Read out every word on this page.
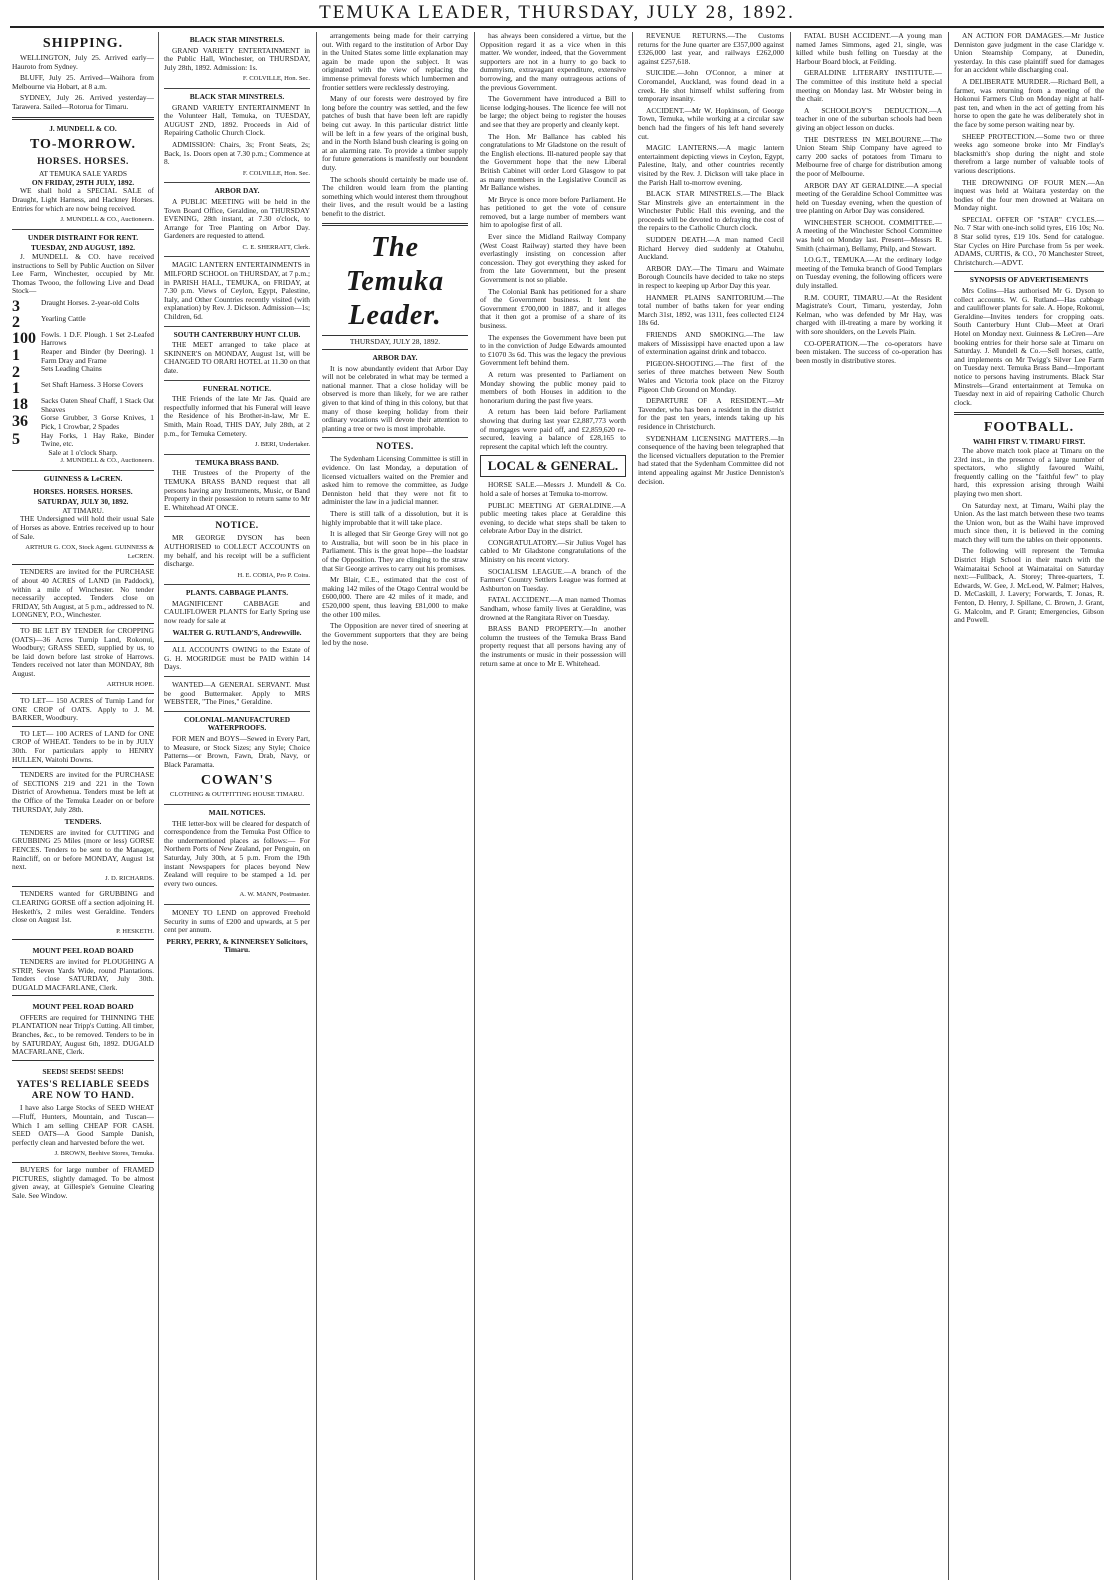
TEMUKA LEADER, THURSDAY, JULY 28, 1892.
SHIPPING.

WELLINGTON, July 25. Arrived early—Hauroto from Sydney.

BLUFF, July 25. Arrived—Waihora from Melbourne via Hobart, at 8 a.m.

SYDNEY, July 26. Arrived yesterday—Tarawera. Sailed—Rotorua for Timaru.

J. MUNDELL & CO.
TO-MORROW.
HORSES. HORSES.
AT TEMUKA SALE YARDS
ON FRIDAY, 29TH JULY, 1892.

WE shall hold a SPECIAL SALE of Draught, Light Harness, and Hackney Horses. Entries for which are now being received.

J. MUNDELL & CO., Auctioneers.
UNDER DISTRAINT FOR RENT.
TUESDAY, 2ND AUGUST, 1892.

J. MUNDELL & CO. have received instructions to Sell by Public Auction on Silver Lee Farm, Winchester, occupied by Mr. Thomas Twooo, the following Live and Dead Stock—

3	Draught Horses. 2-year-old Colts
2	Yearling Cattle
100 Fowls. 1 D.F. Plough. 1 Set 2-Leafed Harrows
1	Reaper and Binder (by Deering). 1 Farm Dray and Frame
2	Sets Leading Chains
1	Set Shaft Harness. 3 Horse Covers
18	Sacks Oaten Sheaf Chaff, 1 Stack Oat Sheaves
36	Gorse Grubber, 3 Gorse Knives, 1 Pick, 1 Crowbar, 2 Spades
5	Hay Forks, 1 Hay Rake, Binder Twine, etc.
Sale at 1 o'clock Sharp.
J. MUNDELL & CO., Auctioneers.
GUINNESS & LeCREN.
HORSES. HORSES. HORSES.
SATURDAY, JULY 30, 1892.
AT TIMARU.

THE Undersigned will hold their usual Sale of Horses as above. Entries received up to hour of Sale.

ARTHUR G. COX, Stock Agent. GUINNESS & LeCREN.

TENDERS are invited for the PURCHASE of about 40 ACRES of LAND (in Paddock), within a mile of Winchester. No tender necessarily accepted. Tenders close on FRIDAY, 5th August, at 5 p.m., addressed to N. LONGNEY, P.O., Winchester.

TO BE LET BY TENDER for CROPPING (OATS)—36 Acres Turnip Land, Rokonui, Woodbury; GRASS SEED, supplied by us, to be laid down before last stroke of Harrows. Tenders received not later than MONDAY, 8th August.

ARTHUR HOPE.

TO LET— 150 ACRES of Turnip Land for ONE CROP of OATS. Apply to J. M. BARKER, Woodbury.

TO LET— 100 ACRES of LAND for ONE CROP of WHEAT. Tenders to be in by JULY 30th. For particulars apply to HENRY HULLEN, Waitohi Downs.

TENDERS are invited for the PURCHASE of SECTIONS 219 and 221 in the Town District of Arowhenua. Tenders must be left at the Office of the Temuka Leader on or before THURSDAY, July 28th.

TENDERS.

TENDERS are invited for CUTTING and GRUBBING 25 Miles (more or less) GORSE FENCES. Tenders to be sent to the Manager, Raincliff, on or before MONDAY, August 1st next.

J. D. RICHARDS.

TENDERS wanted for GRUBBING and CLEARING GORSE off a section adjoining H. Hesketh's, 2 miles west Geraldine. Tenders close on August 1st.

P. HESKETH.
MOUNT PEEL ROAD BOARD

TENDERS are invited for PLOUGHING A STRIP, Seven Yards Wide, round Plantations. Tenders close SATURDAY, July 30th. DUGALD MACFARLANE, Clerk.

MOUNT PEEL ROAD BOARD

OFFERS are required for THINNING THE PLANTATION near Tripp's Cutting. All timber, Branches, &c., to be removed. Tenders to be in by SATURDAY, August 6th, 1892. DUGALD MACFARLANE, Clerk.

SEEDS! SEEDS! SEEDS!
YATES'S RELIABLE SEEDS ARE NOW TO HAND.

I have also Large Stocks of SEED WHEAT—Fluff, Hunters, Mountain, and Tuscan—Which I am selling CHEAP FOR CASH. SEED OATS—A Good Sample Danish, perfectly clean and harvested before the wet.

J. BROWN, Beehive Stores, Temuka.

BUYERS for large number of FRAMED PICTURES, slightly damaged. To be almost given away, at Gillespie's Genuine Clearing Sale. See Window.

BLACK STAR MINSTRELS.

GRAND VARIETY ENTERTAINMENT in the Public Hall, Winchester, on THURSDAY, July 28th, 1892. Admission: 1s.

F. COLVILLE, Hon. Sec.
BLACK STAR MINSTRELS.

GRAND VARIETY ENTERTAINMENT In the Volunteer Hall, Temuka, on TUESDAY, AUGUST 2ND, 1892. Proceeds in Aid of Repairing Catholic Church Clock.

ADMISSION: Chairs, 3s; Front Seats, 2s; Back, 1s. Doors open at 7.30 p.m.; Commence at 8.

F. COLVILLE, Hon. Sec.
ARBOR DAY.

A PUBLIC MEETING will be held in the Town Board Office, Geraldine, on THURSDAY EVENING, 28th instant, at 7.30 o'clock, to Arrange for Tree Planting on Arbor Day. Gardeners are requested to attend.

C. E. SHERRATT, Clerk.

MAGIC LANTERN ENTERTAINMENTS in MILFORD SCHOOL on THURSDAY, at 7 p.m.; in PARISH HALL, TEMUKA, on FRIDAY, at 7.30 p.m. Views of Ceylon, Egypt, Palestine, Italy, and Other Countries recently visited (with explanation) by Rev. J. Dickson. Admission—1s; Children, 6d.

SOUTH CANTERBURY HUNT CLUB.

THE MEET arranged to take place at SKINNER'S on MONDAY, August 1st, will be CHANGED TO ORARI HOTEL at 11.30 on that date.

FUNERAL NOTICE.

THE Friends of the late Mr Jas. Quaid are respectfully informed that his Funeral will leave the Residence of his Brother-in-law, Mr E. Smith, Main Road, THIS DAY, July 28th, at 2 p.m., for Temuka Cemetery.

J. BERI, Undertaker.
TEMUKA BRASS BAND.

THE Trustees of the Property of the TEMUKA BRASS BAND request that all persons having any Instruments, Music, or Band Property in their possession to return same to Mr E. Whitehead AT ONCE.

NOTICE.

MR GEORGE DYSON has been AUTHORISED to COLLECT ACCOUNTS on my behalf, and his receipt will be a sufficient discharge.

H. E. COBIA, Pro P. Coira.
PLANTS. CABBAGE PLANTS.

MAGNIFICENT CABBAGE and CAULIFLOWER PLANTS for Early Spring use now ready for sale at

WALTER G. RUTLAND'S, Andrewville.

ALL ACCOUNTS OWING to the Estate of G. H. MOGRIDGE must be PAID within 14 Days.

WANTED—A GENERAL SERVANT. Must be good Buttermaker. Apply to MRS WEBSTER, "The Pines," Geraldine.

COLONIAL-MANUFACTURED WATERPROOFS.

FOR MEN and BOYS—Sewed in Every Part, to Measure, or Stock Sizes; any Style; Choice Patterns—or Brown, Fawn, Drab, Navy, or Black Paramatta.

COWAN'S
CLOTHING & OUTFITTING HOUSE TIMARU.
MAIL NOTICES.

THE letter-box will be cleared for despatch of correspondence from the Temuka Post Office to the undermentioned places as follows:— For Northern Ports of New Zealand, per Penguin, on Saturday, July 30th, at 5 p.m. From the 19th instant Newspapers for places beyond New Zealand will require to be stamped a 1d. per every two ounces.

A. W. MANN, Postmaster.

MONEY TO LEND on approved Freehold Security in sums of £200 and upwards, at 5 per cent per annum.

PERRY, PERRY, & KINNERSEY Solicitors, Timaru.

arrangements being made for their carrying out. With regard to the institution of Arbor Day in the United States some little explanation may again be made upon the subject. It was originated with the view of replacing the immense primeval forests which lumbermen and frontier settlers were recklessly destroying.

Many of our forests were destroyed by fire long before the country was settled, and the few patches of bush that have been left are rapidly being cut away. In this particular district little will be left in a few years of the original bush, and in the North Island bush clearing is going on at an alarming rate. To provide a timber supply for future generations is manifestly our boundent duty.

The schools should certainly be made use of. The children would learn from the planting something which would interest them throughout their lives, and the result would be a lasting benefit to the district.

The Temuka Leader.
THURSDAY, JULY 28, 1892.
ARBOR DAY.

It is now abundantly evident that Arbor Day will not be celebrated in what may be termed a national manner. That a close holiday will be observed is more than likely, for we are rather given to that kind of thing in this colony, but that many of those keeping holiday from their ordinary vocations will devote their attention to planting a tree or two is most improbable.

NOTES.

The Sydenham Licensing Committee is still in evidence. On last Monday, a deputation of licensed victuallers waited on the Premier and asked him to remove the committee, as Judge Denniston held that they were not fit to administer the law in a judicial manner.

There is still talk of a dissolution, but it is highly improbable that it will take place.

It is alleged that Sir George Grey will not go to Australia, but will soon be in his place in Parliament. This is the great hope—the loadstar of the Opposition. They are clinging to the straw that Sir George arrives to carry out his promises.

Mr Blair, C.E., estimated that the cost of making 142 miles of the Otago Central would be £600,000. There are 42 miles of it made, and £520,000 spent, thus leaving £81,000 to make the other 100 miles.

The Opposition are never tired of sneering at the Government supporters that they are being led by the nose.

has always been considered a virtue, but the Opposition regard it as a vice when in this matter. We wonder, indeed, that the Government supporters are not in a hurry to go back to dummyism, extravagant expenditure, extensive borrowing, and the many outrageous actions of the previous Government.

The Government have introduced a Bill to license lodging-houses. The licence fee will not be large; the object being to register the houses and see that they are properly and cleanly kept.

The Hon. Mr Ballance has cabled his congratulations to Mr Gladstone on the result of the English elections. Ill-natured people say that the Government hope that the new Liberal British Cabinet will order Lord Glasgow to pat as many members in the Legislative Council as Mr Ballance wishes.

Mr Bryce is once more before Parliament. He has petitioned to get the vote of censure removed, but a large number of members want him to apologise first of all.

Ever since the Midland Railway Company (West Coast Railway) started they have been everlastingly insisting on concession after concession. They got everything they asked for from the late Government, but the present Government is not so pliable.

The Colonial Bank has petitioned for a share of the Government business. It lent the Government £700,000 in 1887, and it alleges that it then got a promise of a share of its business.

The expenses the Government have been put to in the conviction of Judge Edwards amounted to £1070 3s 6d. This was the legacy the previous Government left behind them.

A return was presented to Parliament on Monday showing the public money paid to members of both Houses in addition to the honorarium during the past five years.

A return has been laid before Parliament showing that during last year £2,887,773 worth of mortgages were paid off, and £2,859,620 re-secured, leaving a balance of £28,165 to represent the capital which left the country.

LOCAL & GENERAL.

HORSE SALE.—Messrs J. Mundell & Co. hold a sale of horses at Temuka to-morrow.

PUBLIC MEETING AT GERALDINE.—A public meeting takes place at Geraldine this evening, to decide what steps shall be taken to celebrate Arbor Day in the district.

CONGRATULATORY.—Sir Julius Vogel has cabled to Mr Gladstone congratulations of the Ministry on his recent victory.

SOCIALISM LEAGUE.—A branch of the Farmers' Country Settlers League was formed at Ashburton on Tuesday.

FATAL ACCIDENT.—A man named Thomas Sandham, whose family lives at Geraldine, was drowned at the Rangitata River on Tuesday.

BRASS BAND PROPERTY.—In another column the trustees of the Temuka Brass Band property request that all persons having any of the instruments or music in their possession will return same at once to Mr E. Whitehead.

REVENUE RETURNS.—The Customs returns for the June quarter are £357,000 against £326,000 last year, and railways £262,000 against £257,618.

SUICIDE.—John O'Connor, a miner at Coromandel, Auckland, was found dead in a creek. He shot himself whilst suffering from temporary insanity.

ACCIDENT.—Mr W. Hopkinson, of George Town, Temuka, while working at a circular saw bench had the fingers of his left hand severely cut.

MAGIC LANTERNS.—A magic lantern entertainment depicting views in Ceylon, Egypt, Palestine, Italy, and other countries recently visited by the Rev. J. Dickson will take place in the Parish Hall to-morrow evening.

BLACK STAR MINSTRELS.—The Black Star Minstrels give an entertainment in the Winchester Public Hall this evening, and the proceeds will be devoted to defraying the cost of the repairs to the Catholic Church clock.

SUDDEN DEATH.—A man named Cecil Richard Hervey died suddenly at Otahuhu, Auckland.

ARBOR DAY.—The Timaru and Waimate Borough Councils have decided to take no steps in respect to keeping up Arbor Day this year.

HANMER PLAINS SANITORIUM.—The total number of baths taken for year ending March 31st, 1892, was 1311, fees collected £124 18s 6d.

FRIENDS AND SMOKING.—The law makers of Mississippi have enacted upon a law of extermination against drink and tobacco.

PIGEON-SHOOTING.—The first of the series of three matches between New South Wales and Victoria took place on the Fitzroy Pigeon Club Ground on Monday.

DEPARTURE OF A RESIDENT.—Mr Tavender, who has been a resident in the district for the past ten years, intends taking up his residence in Christchurch.

SYDENHAM LICENSING MATTERS.—In consequence of the having been telegraphed that the licensed victuallers deputation to the Premier had stated that the Sydenham Committee did not intend appealing against Mr Justice Denniston's decision.

FATAL BUSH ACCIDENT.—A young man named James Simmons, aged 21, single, was killed while bush felling on Tuesday at the Harbour Board block, at Feilding.

GERALDINE LITERARY INSTITUTE.—The committee of this institute held a special meeting on Monday last. Mr Webster being in the chair.

A SCHOOLBOY'S DEDUCTION.—A teacher in one of the suburban schools had been giving an object lesson on ducks.

THE DISTRESS IN MELBOURNE.—The Union Steam Ship Company have agreed to carry 200 sacks of potatoes from Timaru to Melbourne free of charge for distribution among the poor of Melbourne.

ARBOR DAY AT GERALDINE.—A special meeting of the Geraldine School Committee was held on Tuesday evening, when the question of tree planting on Arbor Day was considered.

WINCHESTER SCHOOL COMMITTEE.—A meeting of the Winchester School Committee was held on Monday last. Present—Messrs R. Smith (chairman), Bellamy, Philp, and Stewart.

I.O.G.T., TEMUKA.—At the ordinary lodge meeting of the Temuka branch of Good Templars on Tuesday evening, the following officers were duly installed.

R.M. COURT, TIMARU.—At the Resident Magistrate's Court, Timaru, yesterday, John Kelman, who was defended by Mr Hay, was charged with ill-treating a mare by working it with sore shoulders, on the Levels Plain.

CO-OPERATION.—The co-operators have been mistaken. The success of co-operation has been mostly in distributive stores.

AN ACTION FOR DAMAGES.—Mr Justice Denniston gave judgment in the case Claridge v. Union Steamship Company, at Dunedin, yesterday. In this case plaintiff sued for damages for an accident while discharging coal.

A DELIBERATE MURDER.—Richard Bell, a farmer, was returning from a meeting of the Hokonui Farmers Club on Monday night at half-past ten, and when in the act of getting from his horse to open the gate he was deliberately shot in the face by some person waiting near by.

SHEEP PROTECTION.—Some two or three weeks ago someone broke into Mr Findlay's blacksmith's shop during the night and stole therefrom a large number of valuable tools of various descriptions.

THE DROWNING OF FOUR MEN.—An inquest was held at Waitara yesterday on the bodies of the four men drowned at Waitara on Monday night.

SPECIAL OFFER OF "STAR" CYCLES.—No. 7 Star with one-inch solid tyres, £16 10s; No. 8 Star solid tyres, £19 10s. Send for catalogue. Star Cycles on Hire Purchase from 5s per week. ADAMS, CURTIS, & CO., 70 Manchester Street, Christchurch.—ADVT.

SYNOPSIS OF ADVERTISEMENTS

Mrs Colins—Has authorised Mr G. Dyson to collect accounts. W. G. Rutland—Has cabbage and cauliflower plants for sale. A. Hope, Rokonui, Geraldine—Invites tenders for cropping oats. South Canterbury Hunt Club—Meet at Orari Hotel on Monday next. Guinness & LeCren—Are booking entries for their horse sale at Timaru on Saturday. J. Mundell & Co.—Sell horses, cattle, and implements on Mr Twigg's Silver Lee Farm on Tuesday next. Temuka Brass Band—Important notice to persons having instruments. Black Star Minstrels—Grand entertainment at Temuka on Tuesday next in aid of repairing Catholic Church clock.

FOOTBALL.
WAIHI FIRST V. TIMARU FIRST.

The above match took place at Timaru on the 23rd inst., in the presence of a large number of spectators, who slightly favoured Waihi, frequently calling on the "faithful few" to play hard, this expression arising through Waihi playing two men short.

On Saturday next, at Timaru, Waihi play the Union. As the last match between these two teams the Union won, but as the Waihi have improved much since then, it is believed in the coming match they will turn the tables on their opponents.

The following will represent the Temuka District High School in their match with the Waimataitai School at Waimataitai on Saturday next:—Fullback, A. Storey; Three-quarters, T. Edwards, W. Gee, J. McLeod, W. Palmer; Halves, D. McCaskill, J. Lavery; Forwards, T. Jonas, R. Fenton, D. Henry, J. Spillane, C. Brown, J. Grant, G. Malcolm, and P. Grant; Emergencies, Gibson and Powell.
